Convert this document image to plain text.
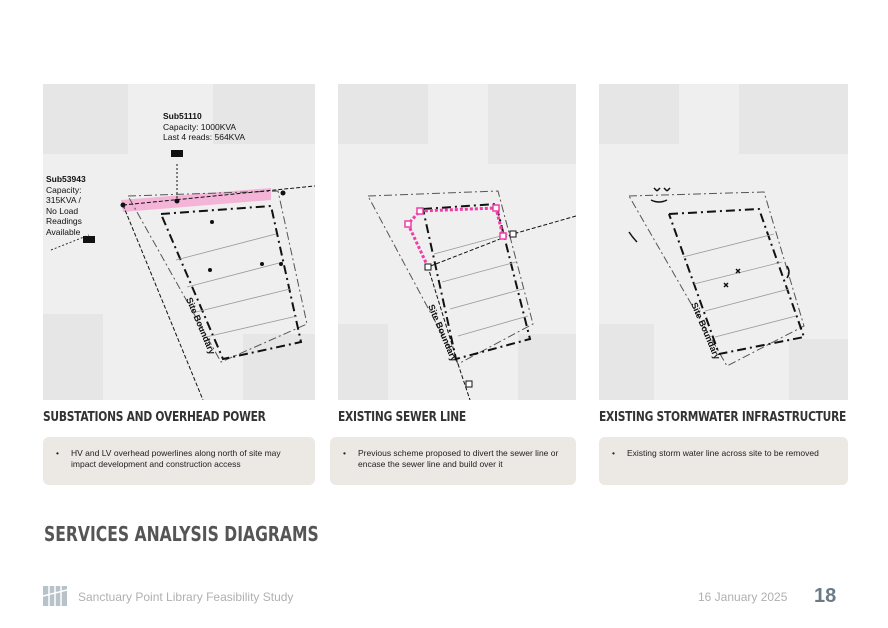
Site Boundary
Sub51110
Capacity: 1000KVA
Last 4 reads: 564KVA
Sub53943
Capacity:
315KVA /
No Load
Readings
Available
Site Boundary	Site Boundary
SUBSTATIONS AND OVERHEAD POWER	EXISTING SEWER LINE	EXISTING STORMWATER INFRASTRUCTURE
• HV and LV overhead powerlines along north of site may impact development and construction access
• Previous scheme proposed to divert the sewer line or encase the sewer line and build over it
• Existing storm water line across site to be removed
SERVICES ANALYSIS DIAGRAMS
Sanctuary Point Library Feasibility Study	16 January 2025 18
